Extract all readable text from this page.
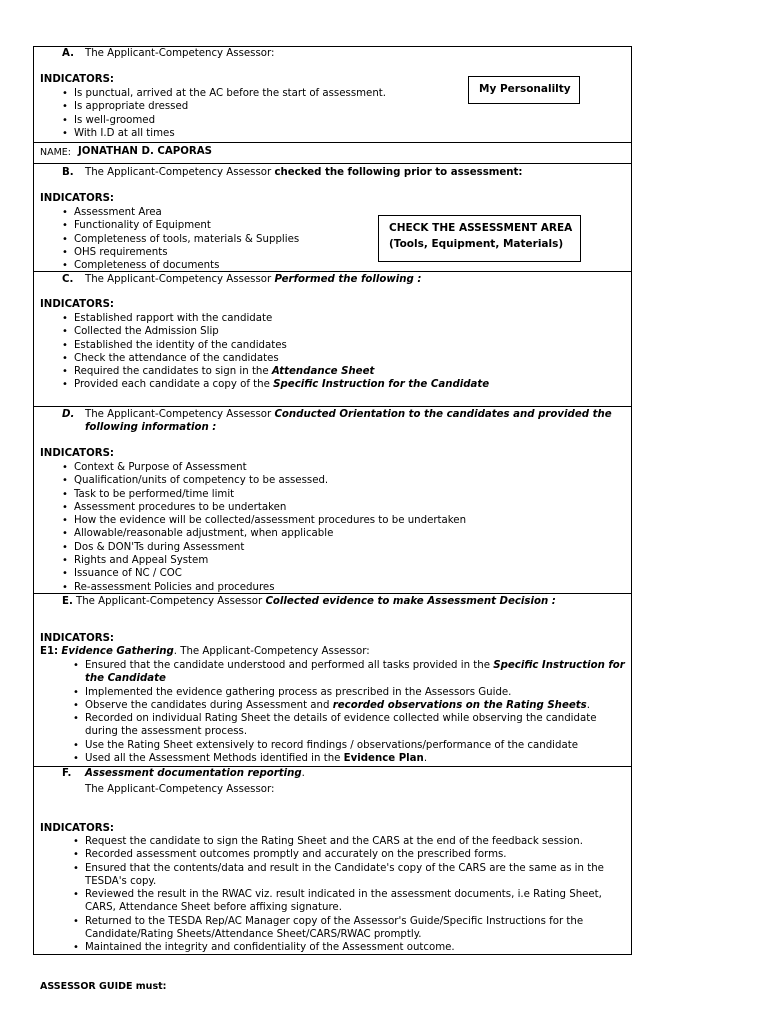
A. The Applicant-Competency Assessor:
INDICATORS:
• Is punctual, arrived at the AC before the start of assessment.
• Is appropriate dressed
• Is well-groomed
• With I.D at all times
My Personalilty
NAME: JONATHAN D. CAPORAS
B. The Applicant-Competency Assessor checked the following prior to assessment:
INDICATORS:
• Assessment Area
• Functionality of Equipment
• Completeness of tools, materials & Supplies
• OHS requirements
• Completeness of documents
CHECK THE ASSESSMENT AREA
(Tools, Equipment, Materials)
C. The Applicant-Competency Assessor Performed the following :
INDICATORS:
• Established rapport with the candidate
• Collected the Admission Slip
• Established the identity of the candidates
• Check the attendance of the candidates
• Required the candidates to sign in the Attendance Sheet
• Provided each candidate a copy of the Specific Instruction for the Candidate
D. The Applicant-Competency Assessor Conducted Orientation to the candidates and provided the
following information :
INDICATORS:
• Context & Purpose of Assessment
• Qualification/units of competency to be assessed.
• Task to be performed/time limit
• Assessment procedures to be undertaken
• How the evidence will be collected/assessment procedures to be undertaken
• Allowable/reasonable adjustment, when applicable
• Dos & DON'Ts during Assessment
• Rights and Appeal System
• Issuance of NC / COC
• Re-assessment Policies and procedures
E. The Applicant-Competency Assessor Collected evidence to make Assessment Decision :
INDICATORS:
E1: Evidence Gathering. The Applicant-Competency Assessor:
• Ensured that the candidate understood and performed all tasks provided in the Specific Instruction for
the Candidate
• Implemented the evidence gathering process as prescribed in the Assessors Guide.
• Observe the candidates during Assessment and recorded observations on the Rating Sheets.
• Recorded on individual Rating Sheet the details of evidence collected while observing the candidate
during the assessment process.
• Use the Rating Sheet extensively to record findings / observations/performance of the candidate
• Used all the Assessment Methods identified in the Evidence Plan.
F. Assessment documentation reporting.
The Applicant-Competency Assessor:
INDICATORS:
• Request the candidate to sign the Rating Sheet and the CARS at the end of the feedback session.
• Recorded assessment outcomes promptly and accurately on the prescribed forms.
• Ensured that the contents/data and result in the Candidate's copy of the CARS are the same as in the
TESDA's copy.
• Reviewed the result in the RWAC viz. result indicated in the assessment documents, i.e Rating Sheet,
CARS, Attendance Sheet before affixing signature.
• Returned to the TESDA Rep/AC Manager copy of the Assessor's Guide/Specific Instructions for the
Candidate/Rating Sheets/Attendance Sheet/CARS/RWAC promptly.
• Maintained the integrity and confidentiality of the Assessment outcome.
ASSESSOR GUIDE must:
